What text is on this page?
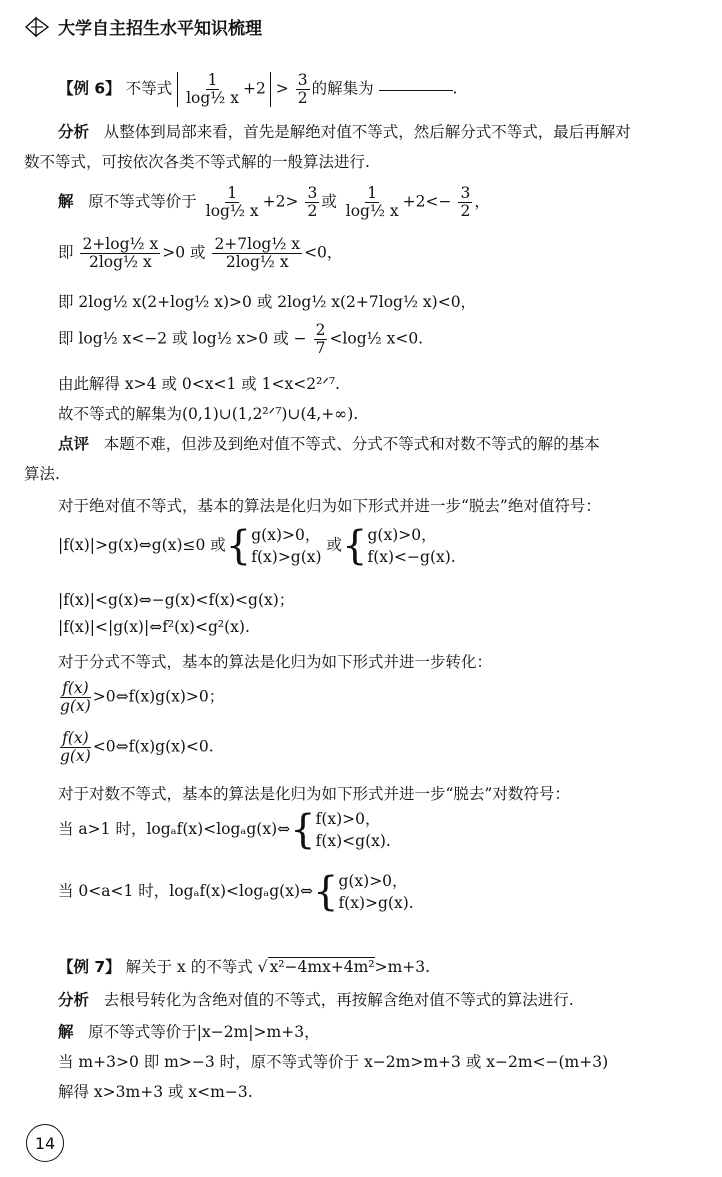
大学自主招生水平知识梳理
【例 6】 不等式 $\frac{1}{\text{log½ x}} +2 > \frac{3}{2}$ 的解集为	.
分析 从整体到局部来看，首先是解绝对值不等式，然后解分式不等式，最后再解对
数不等式，可按依次各类不等式解的一般算法进行.
解 原不等式等价于 $\frac{1}{\text{log½ x}} +2> \frac{3}{2}$ 或 $\frac{1}{\text{log½ x}} +2<- \frac{3}{2}$ ，
即 $\frac{\text{2+log½ x}}{\text{2log½ x}} >0$ 或 $\frac{\text{2+7log½ x}}{\text{2log½ x}} <0$，
即 2log½ x(2+log½ x)>0 或 2log½ x(2+7log½ x)<0，
即 log½ x<−2 或 log½ x>0 或 − $\frac{2}{7}$ <log½ x<0.
由此解得 x>4 或 0<x<1 或 1<x<2²ᐟ⁷.
故不等式的解集为(0,1)∪(1,2²ᐟ⁷)∪(4,+∞).
点评 本题不难，但涉及到绝对值不等式、分式不等式和对数不等式的解的基本
算法.
对于绝对值不等式，基本的算法是化归为如下形式并进一步“脱去”绝对值符号：
|f(x)|>g(x)⇔g(x)≤0 或{ g(x)>0，
f(x)>g(x)
或{ g(x)>0，
f(x)<−g(x).
|f(x)|<g(x)⇔−g(x)<f(x)<g(x)；
|f(x)|<|g(x)|⇔f²(x)<g²(x).
对于分式不等式，基本的算法是化归为如下形式并进一步转化：
$\frac{f(x)}{g(x)}$ >0⇔f(x)g(x)>0；
$\frac{f(x)}{g(x)}$ <0⇔f(x)g(x)<0.
对于对数不等式，基本的算法是化归为如下形式并进一步“脱去”对数符号：
当 a>1 时，logₐf(x)<logₐg(x)⇔{ f(x)>0，
f(x)<g(x).
当 0<a<1 时，logₐf(x)<logₐg(x)⇔{ g(x)>0，
f(x)>g(x).
【例 7】 解关于 x 的不等式 √ x²−4mx+4m²>m+3.
分析 去根号转化为含绝对值的不等式，再按解含绝对值不等式的算法进行.
解 原不等式等价于|x−2m|>m+3，
当 m+3>0 即 m>−3 时，原不等式等价于 x−2m>m+3 或 x−2m<−(m+3)
解得 x>3m+3 或 x<m−3.
14
